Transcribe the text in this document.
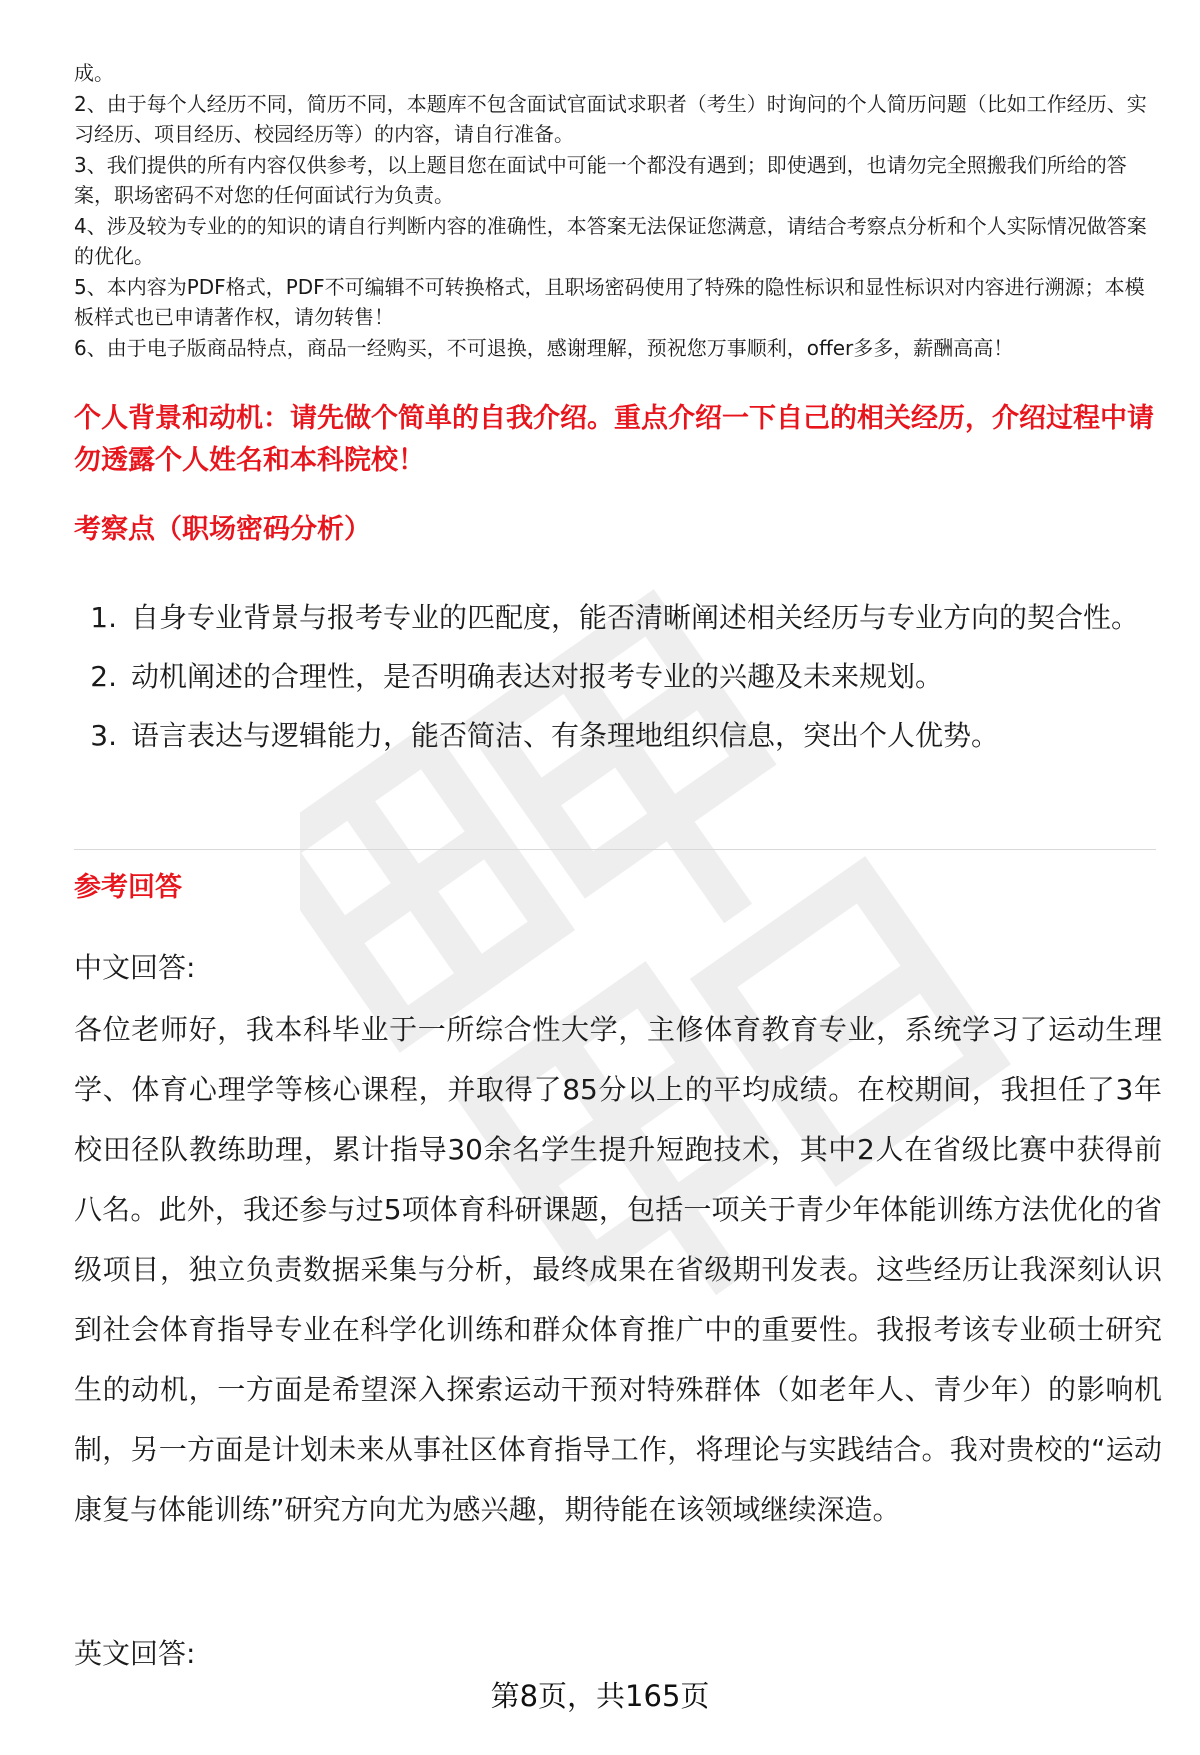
成。

2、由于每个人经历不同，简历不同，本题库不包含面试官面试求职者（考生）时询问的个人简历问题（比如工作经历、实习经历、项目经历、校园经历等）的内容，请自行准备。

3、我们提供的所有内容仅供参考，以上题目您在面试中可能一个都没有遇到；即使遇到，也请勿完全照搬我们所给的答案，职场密码不对您的任何面试行为负责。

4、涉及较为专业的的知识的请自行判断内容的准确性，本答案无法保证您满意，请结合考察点分析和个人实际情况做答案的优化。

5、本内容为PDF格式，PDF不可编辑不可转换格式，且职场密码使用了特殊的隐性标识和显性标识对内容进行溯源；本模板样式也已申请著作权，请勿转售！

6、由于电子版商品特点，商品一经购买，不可退换，感谢理解，预祝您万事顺利，offer多多，薪酬高高！

个人背景和动机：请先做个简单的自我介绍。重点介绍一下自己的相关经历，介绍过程中请勿透露个人姓名和本科院校！
考察点（职场密码分析）
1. 自身专业背景与报考专业的匹配度，能否清晰阐述相关经历与专业方向的契合性。
2. 动机阐述的合理性，是否明确表达对报考专业的兴趣及未来规划。
3. 语言表达与逻辑能力，能否简洁、有条理地组织信息，突出个人优势。
参考回答

中文回答:

各位老师好，我本科毕业于一所综合性大学，主修体育教育专业，系统学习了运动生理学、体育心理学等核心课程，并取得了85分以上的平均成绩。在校期间，我担任了3年校田径队教练助理，累计指导30余名学生提升短跑技术，其中2人在省级比赛中获得前八名。此外，我还参与过5项体育科研课题，包括一项关于青少年体能训练方法优化的省级项目，独立负责数据采集与分析，最终成果在省级期刊发表。这些经历让我深刻认识到社会体育指导专业在科学化训练和群众体育推广中的重要性。我报考该专业硕士研究生的动机，一方面是希望深入探索运动干预对特殊群体（如老年人、青少年）的影响机制，另一方面是计划未来从事社区体育指导工作，将理论与实践结合。我对贵校的“运动康复与体能训练”研究方向尤为感兴趣，期待能在该领域继续深造。

英文回答:

第8页，共165页
